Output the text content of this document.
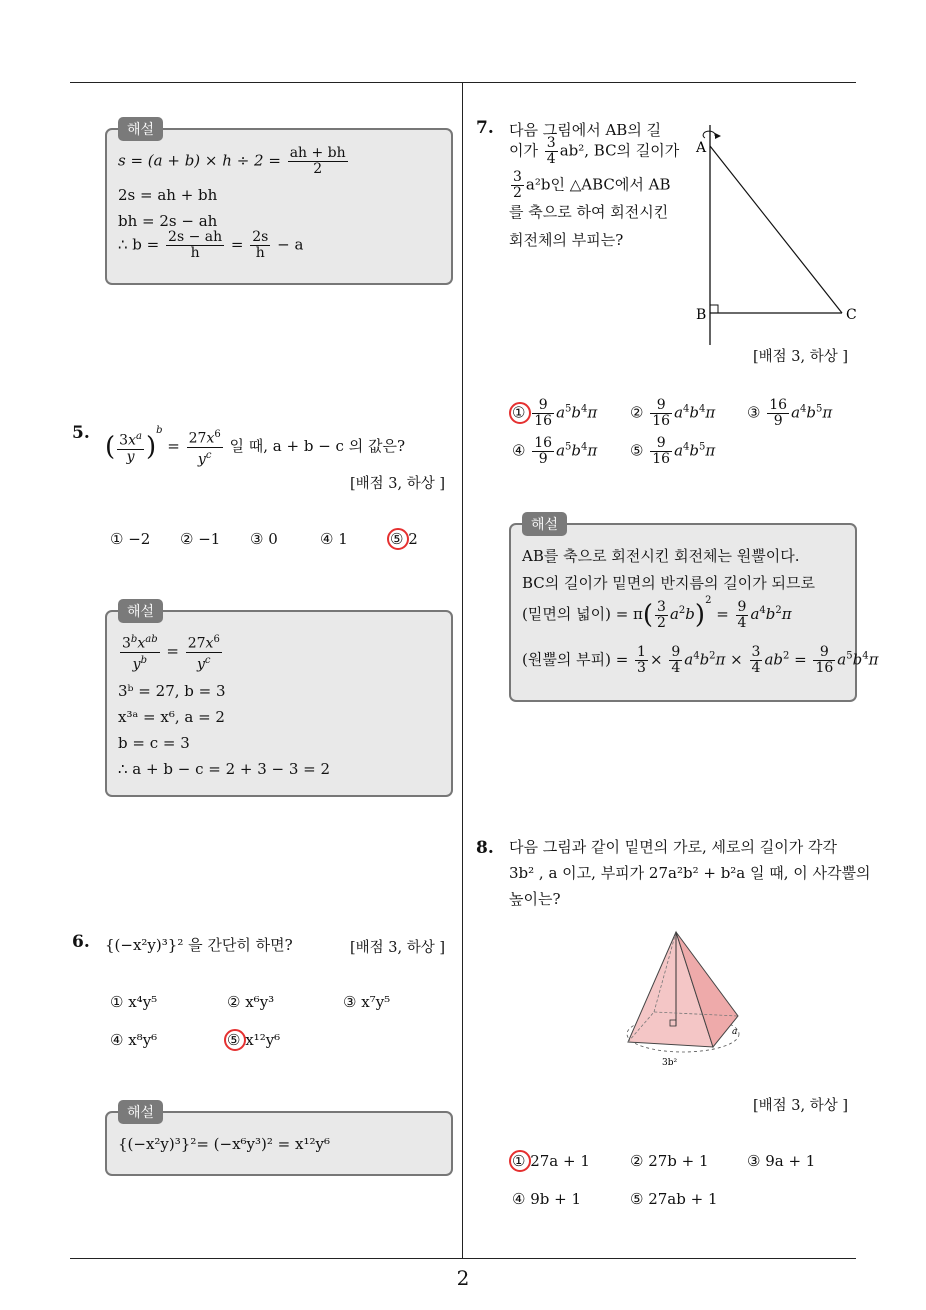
2
$s = (a + b) \times h \div 2 = \frac{ah + bh}{2}$
2s = ah + bh
bh = 2s − ah
∴ $b = \frac{2s - ah}{h} = \frac{2s}{h} - a$
해설
5. ( $\frac{3x^a}{y} )^b = \frac{27x^6}{y^c}$ 일 때, a + b − c 의 값은?
[배점 3, 하상 ]
① −2 ② −1 ③ 0	④ 1	⑤ 2
$\frac{3^bx^{ab}}{y^b} = \frac{27x^6}{y^c}$
3ᵇ = 27, b = 3
x³ᵃ = x⁶, a = 2
b = c = 3
∴ a + b − c = 2 + 3 − 3 = 2
해설
6. {(−x²y)³}² 을 간단히 하면?	[배점 3, 하상 ]
① x⁴y⁵	② x⁶y³	③ x⁷y⁵
④ x⁸y⁶	⑤ x¹²y⁶
{(−x²y)³}²= (−x⁶y³)² = x¹²y⁶
해설
7. 다음 그림에서 AB의 길
이가 $\frac{3}{4} ab^2$, BC의 길이가
$\frac{3}{2} a^2b$인 △ABC에서 AB
를 축으로 하여 회전시킨
회전체의 부피는?
A
B	C
[배점 3, 하상 ]
① $\frac{9}{16} a^5b^4\pi$ ② $\frac{9}{16} a^4b^4\pi$ ③ $\frac{16}{9} a^4b^5\pi$
④ $\frac{16}{9} a^5b^4\pi$ ⑤ $\frac{9}{16} a^4b^5\pi$
AB를 축으로 회전시킨 회전체는 원뿔이다.
BC의 길이가 밑면의 반지름의 길이가 되므로
(밑면의 넓이) = $\pi( \frac{3}{2} a^2b)^2 = \frac{9}{4} a^4b^2\pi$
(원뿔의 부피) = $\frac{1}{3} \times \frac{9}{4} a^4b^2\pi \times \frac{3}{4} ab^2 = \frac{9}{16} a^5b^4\pi$
해설
8. 다음 그림과 같이 밑면의 가로, 세로의 길이가 각각
3b² , a 이고, 부피가 27a²b² + b²a 일 때, 이 사각뿔의
높이는?
a
3b²
[배점 3, 하상 ]
① 27a + 1	② 27b + 1	③ 9a + 1
④ 9b + 1	⑤ 27ab + 1
